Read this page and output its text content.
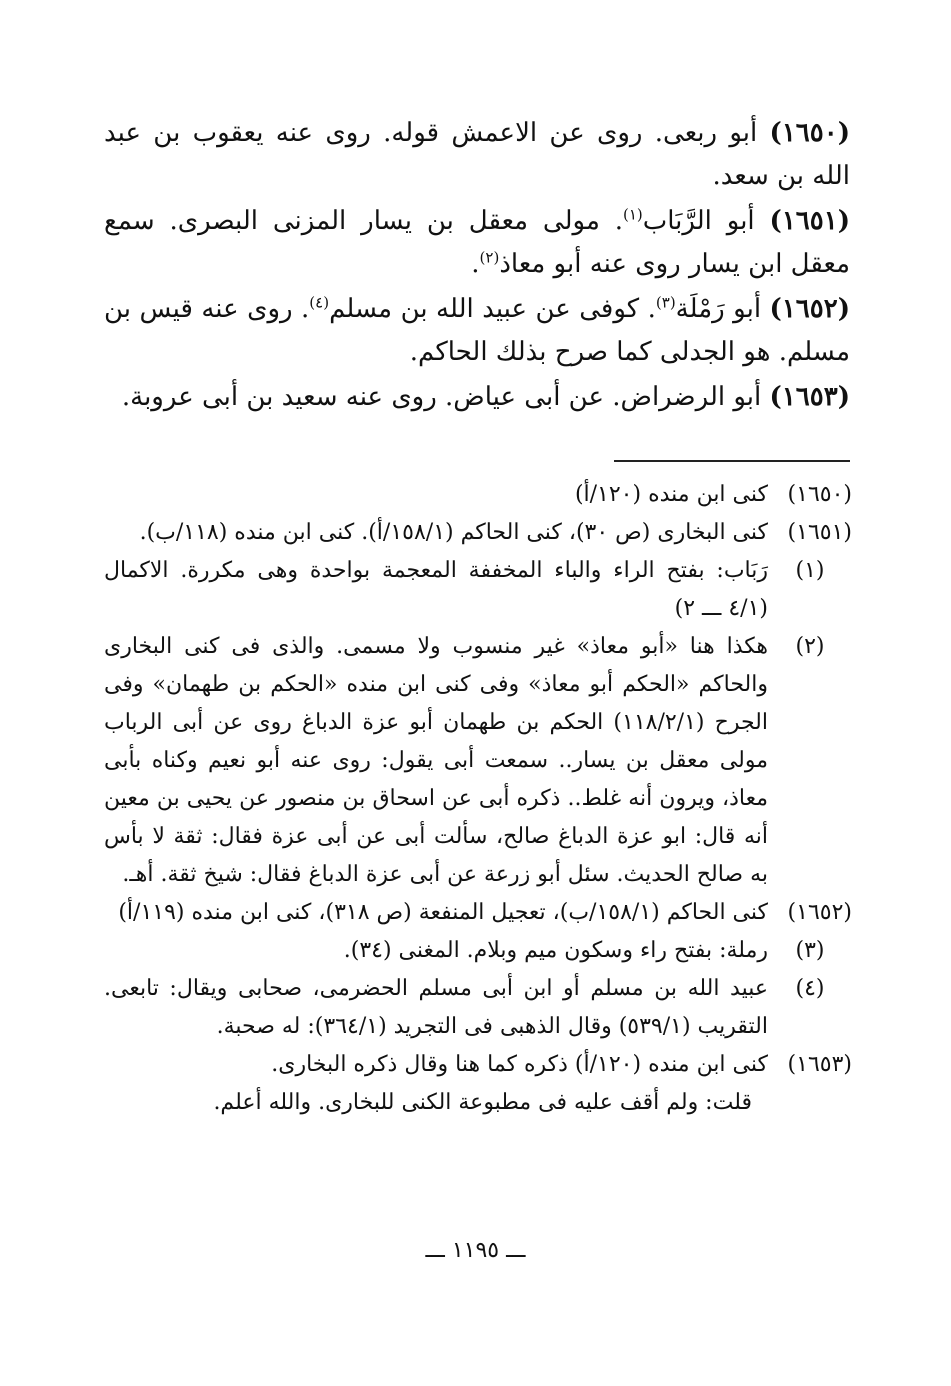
(١٦٥٠) أبو ربعى. روى عن الاعمش قوله. روى عنه يعقوب بن عبد الله بن سعد.
(١٦٥١) أبو الرَّبَاب$^{(١)}$. مولى معقل بن يسار المزنى البصرى. سمع معقل ابن يسار روى عنه أبو معاذ$^{(٢)}$.
(١٦٥٢) أبو رَمْلَة$^{(٣)}$. كوفى عن عبيد الله بن مسلم$^{(٤)}$. روى عنه قيس بن مسلم. هو الجدلى كما صرح بذلك الحاكم.
(١٦٥٣) أبو الرضراض. عن أبى عياض. روى عنه سعيد بن أبى عروبة.
(١٦٥٠)
كنى ابن منده (١٢٠/أ)
(١٦٥١)
كنى البخارى (ص ٣٠)، كنى الحاكم (١٥٨/١/أ). كنى ابن منده (١١٨/ب).
(١)
رَبَاب: بفتح الراء والباء المخففة المعجمة بواحدة وهى مكررة. الاكمال (٤/١ ـــ ٢)
(٢)
هكذا هنا «أبو معاذ» غير منسوب ولا مسمى. والذى فى كنى البخارى والحاكم «الحكم أبو معاذ» وفى كنى ابن منده «الحكم بن طهمان» وفى الجرح (١١٨/٢/١) الحكم بن طهمان أبو عزة الدباغ روى عن أبى الرباب مولى معقل بن يسار.. سمعت أبى يقول: روى عنه أبو نعيم وكناه بأبى معاذ، ويرون أنه غلط.. ذكره أبى عن اسحاق بن منصور عن يحيى بن معين أنه قال: ابو عزة الدباغ صالح، سألت أبى عن أبى عزة فقال: ثقة لا بأس به صالح الحديث. سئل أبو زرعة عن أبى عزة الدباغ فقال: شيخ ثقة. أهـ.
(١٦٥٢)
كنى الحاكم (١٥٨/١/ب)، تعجيل المنفعة (ص ٣١٨)، كنى ابن منده (١١٩/أ)
(٣)
رملة: بفتح راء وسكون ميم وبلام. المغنى (٣٤).
(٤)
عبيد الله بن مسلم أو ابن أبى مسلم الحضرمى، صحابى ويقال: تابعى. التقريب (٥٣٩/١) وقال الذهبى فى التجريد (٣٦٤/١): له صحبة.
(١٦٥٣)
كنى ابن منده (١٢٠/أ) ذكره كما هنا وقال ذكره البخارى.
قلت: ولم أقف عليه فى مطبوعة الكنى للبخارى. والله أعلم.
ـــ ١١٩٥ ـــ
